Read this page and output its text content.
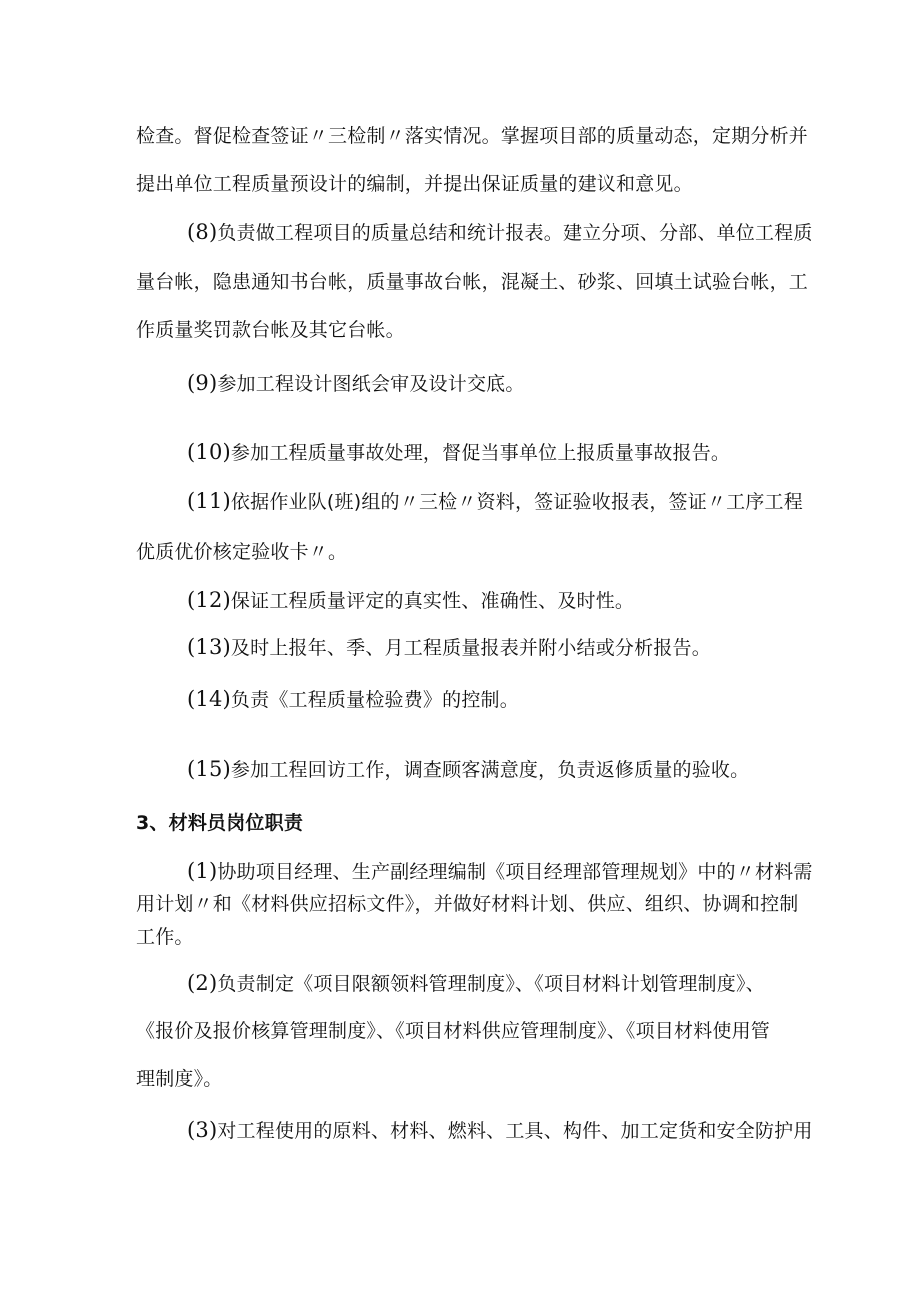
检查。督促检查签证〃三检制〃落实情况。掌握项目部的质量动态，定期分析并
提出单位工程质量预设计的编制，并提出保证质量的建议和意见。
(8)负责做工程项目的质量总结和统计报表。建立分项、分部、单位工程质
量台帐，隐患通知书台帐，质量事故台帐，混凝土、砂浆、回填土试验台帐，工
作质量奖罚款台帐及其它台帐。
(9)参加工程设计图纸会审及设计交底。
(10)参加工程质量事故处理，督促当事单位上报质量事故报告。
(11)依据作业队(班)组的〃三检〃资料，签证验收报表，签证〃工序工程
优质优价核定验收卡〃。
(12)保证工程质量评定的真实性、准确性、及时性。
(13)及时上报年、季、月工程质量报表并附小结或分析报告。
(14)负责《工程质量检验费》的控制。
(15)参加工程回访工作，调查顾客满意度，负责返修质量的验收。
3、材料员岗位职责
(1)协助项目经理、生产副经理编制《项目经理部管理规划》中的〃材料需
用计划〃和《材料供应招标文件》，并做好材料计划、供应、组织、协调和控制
工作。
(2)负责制定《项目限额领料管理制度》、《项目材料计划管理制度》、
《报价及报价核算管理制度》、《项目材料供应管理制度》、《项目材料使用管
理制度》。
(3)对工程使用的原料、材料、燃料、工具、构件、加工定货和安全防护用
